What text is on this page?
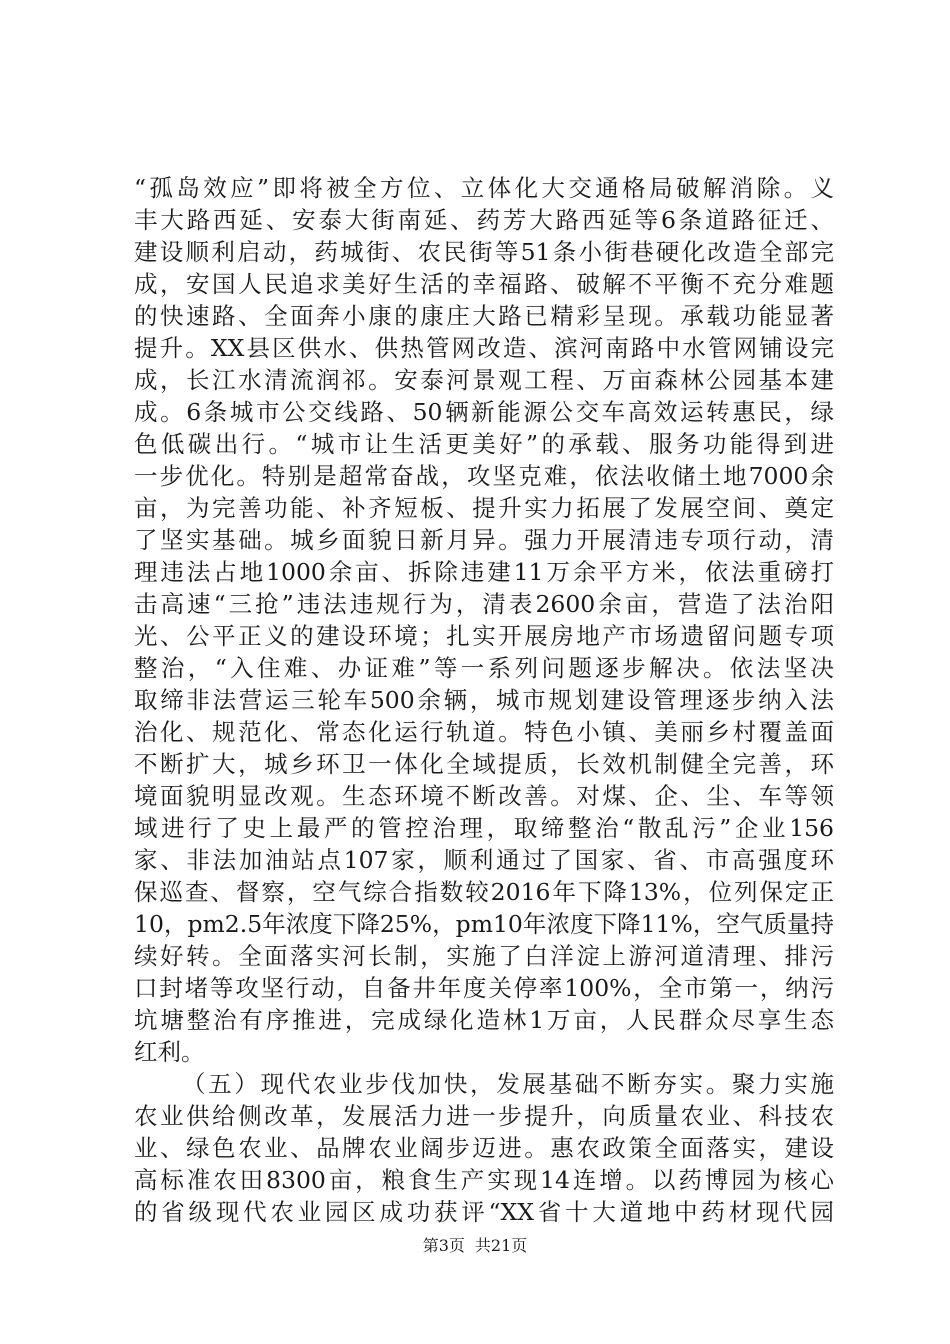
“孤岛效应”即将被全方位、立体化大交通格局破解消除。义
丰大路西延、安泰大街南延、药芳大路西延等6条道路征迁、
建设顺利启动，药城街、农民街等51条小街巷硬化改造全部完
成，安国人民追求美好生活的幸福路、破解不平衡不充分难题
的快速路、全面奔小康的康庄大路已精彩呈现。承载功能显著
提升。XX县区供水、供热管网改造、滨河南路中水管网铺设完
成，长江水清流润祁。安泰河景观工程、万亩森林公园基本建
成。6条城市公交线路、50辆新能源公交车高效运转惠民，绿
色低碳出行。“城市让生活更美好”的承载、服务功能得到进
一步优化。特别是超常奋战，攻坚克难，依法收储土地7000余
亩，为完善功能、补齐短板、提升实力拓展了发展空间、奠定
了坚实基础。城乡面貌日新月异。强力开展清违专项行动，清
理违法占地1000余亩、拆除违建11万余平方米，依法重磅打
击高速“三抢”违法违规行为，清表2600余亩，营造了法治阳
光、公平正义的建设环境；扎实开展房地产市场遗留问题专项
整治，“入住难、办证难”等一系列问题逐步解决。依法坚决
取缔非法营运三轮车500余辆，城市规划建设管理逐步纳入法
治化、规范化、常态化运行轨道。特色小镇、美丽乡村覆盖面
不断扩大，城乡环卫一体化全域提质，长效机制健全完善，环
境面貌明显改观。生态环境不断改善。对煤、企、尘、车等领
域进行了史上最严的管控治理，取缔整治“散乱污”企业156
家、非法加油站点107家，顺利通过了国家、省、市高强度环
保巡查、督察，空气综合指数较2016年下降13%，位列保定正
10，pm2.5年浓度下降25%，pm10年浓度下降11%，空气质量持
续好转。全面落实河长制，实施了白洋淀上游河道清理、排污
口封堵等攻坚行动，自备井年度关停率100%，全市第一，纳污
坑塘整治有序推进，完成绿化造林1万亩，人民群众尽享生态
红利。
（五）现代农业步伐加快，发展基础不断夯实。聚力实施
农业供给侧改革，发展活力进一步提升，向质量农业、科技农
业、绿色农业、品牌农业阔步迈进。惠农政策全面落实，建设
高标准农田8300亩，粮食生产实现14连增。以药博园为核心
的省级现代农业园区成功获评“XX省十大道地中药材现代园
第3页 共21页
